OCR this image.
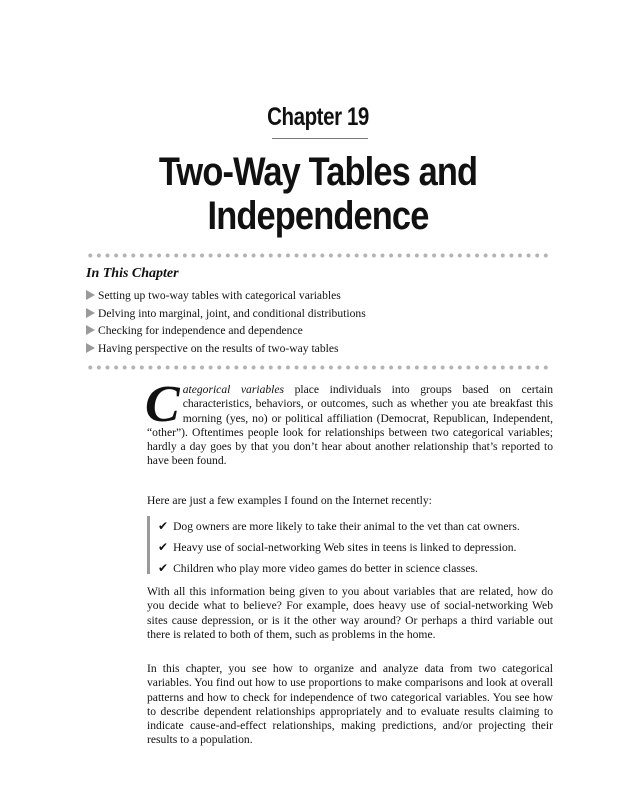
Chapter 19
Two-Way Tables and
Independence
In This Chapter
Setting up two-way tables with categorical variables
Delving into marginal, joint, and conditional distributions
Checking for independence and dependence
Having perspective on the results of two-way tables

Categorical variables place individuals into groups based on certain characteristics, behaviors, or outcomes, such as whether you ate breakfast this morning (yes, no) or political affiliation (Democrat, Republican, Independent, “other”). Oftentimes people look for relationships between two categorical variables; hardly a day goes by that you don’t hear about another relationship that’s reported to have been found.

Here are just a few examples I found on the Internet recently:

✔ Dog owners are more likely to take their animal to the vet than cat owners.
✔ Heavy use of social-networking Web sites in teens is linked to depression.
✔ Children who play more video games do better in science classes.

With all this information being given to you about variables that are related, how do you decide what to believe? For example, does heavy use of social-networking Web sites cause depression, or is it the other way around? Or perhaps a third variable out there is related to both of them, such as problems in the home.

In this chapter, you see how to organize and analyze data from two categorical variables. You find out how to use proportions to make comparisons and look at overall patterns and how to check for independence of two categorical variables. You see how to describe dependent relationships appropriately and to evaluate results claiming to indicate cause-and-effect relationships, making predictions, and/or projecting their results to a population.
